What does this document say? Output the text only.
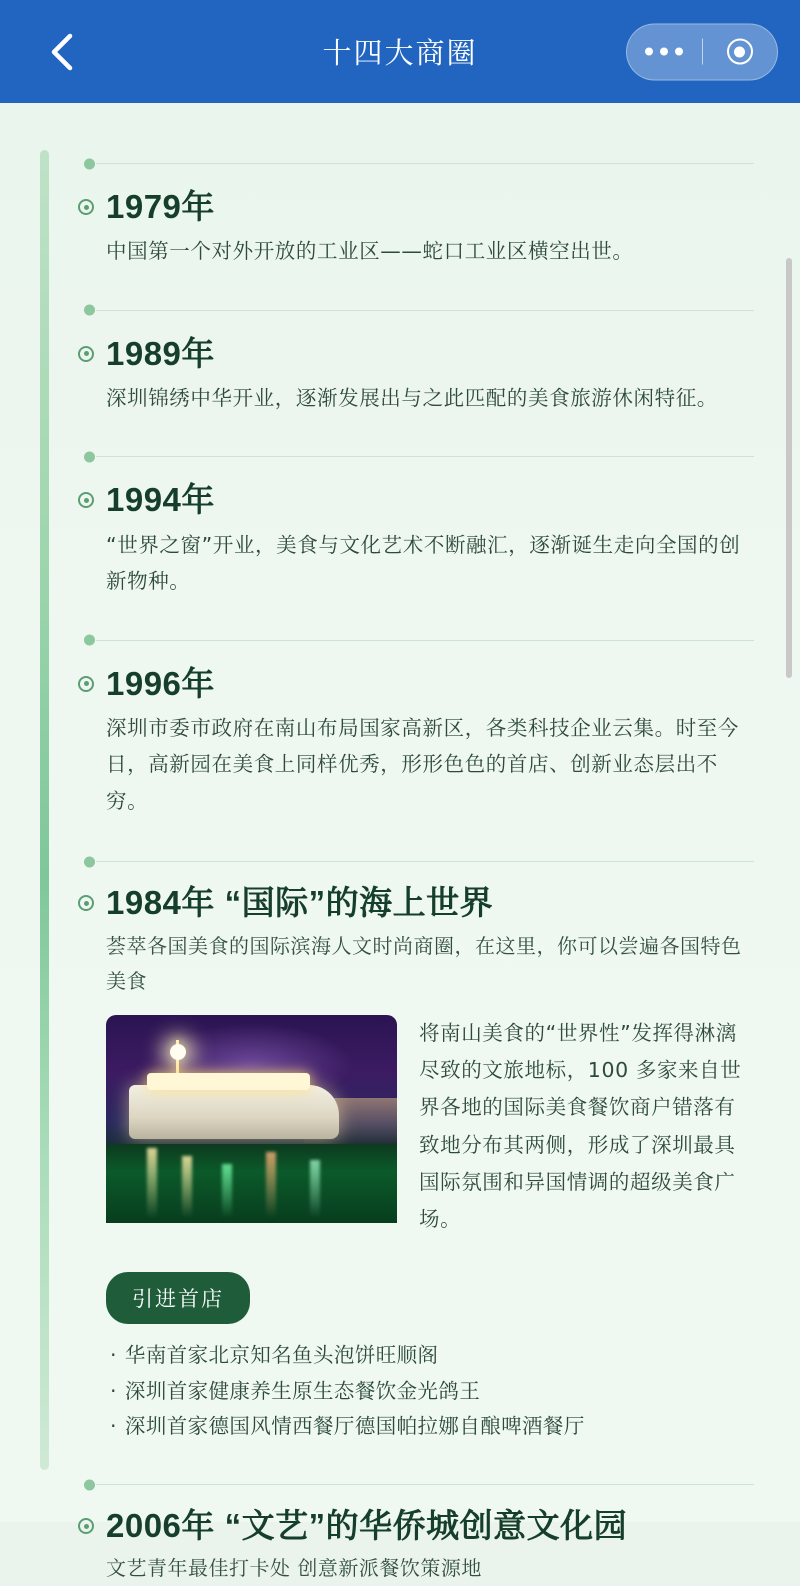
十四大商圈
1979年
中国第一个对外开放的工业区——蛇口工业区横空出世。
1989年
深圳锦绣中华开业，逐渐发展出与之此匹配的美食旅游休闲特征。
1994年
“世界之窗”开业，美食与文化艺术不断融汇，逐渐诞生走向全国的创新物种。
1996年
深圳市委市政府在南山布局国家高新区，各类科技企业云集。时至今日，高新园在美食上同样优秀，形形色色的首店、创新业态层出不穷。
1984年 “国际”的海上世界
荟萃各国美食的国际滨海人文时尚商圈，在这里，你可以尝遍各国特色美食
将南山美食的“世界性”发挥得淋漓尽致的文旅地标，100 多家来自世界各地的国际美食餐饮商户错落有致地分布其两侧，形成了深圳最具国际氛围和异国情调的超级美食广场。
引进首店
· 华南首家北京知名鱼头泡饼旺顺阁
· 深圳首家健康养生原生态餐饮金光鸽王
· 深圳首家德国风情西餐厅德国帕拉娜自酿啤酒餐厅
2006年 “文艺”的华侨城创意文化园
文艺青年最佳打卡处 创意新派餐饮策源地
